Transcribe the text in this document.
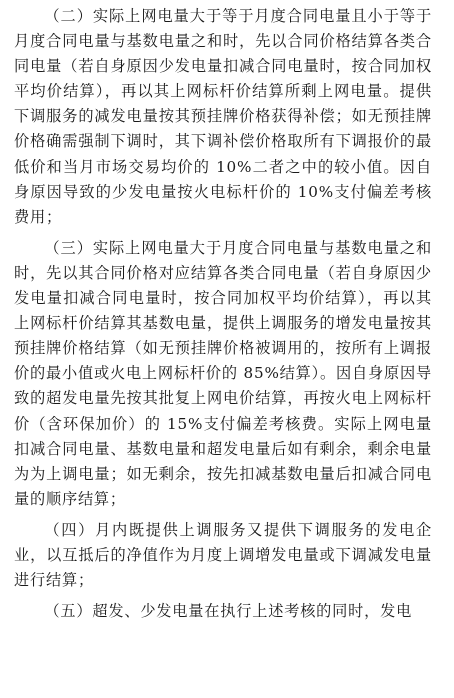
（二）实际上网电量大于等于月度合同电量且小于等于月度合同电量与基数电量之和时，先以合同价格结算各类合同电量（若自身原因少发电量扣减合同电量时，按合同加权平均价结算），再以其上网标杆价结算所剩上网电量。提供下调服务的减发电量按其预挂牌价格获得补偿；如无预挂牌价格确需强制下调时，其下调补偿价格取所有下调报价的最低价和当月市场交易均价的 10%二者之中的较小值。因自身原因导致的少发电量按火电标杆价的 10%支付偏差考核费用；

（三）实际上网电量大于月度合同电量与基数电量之和时，先以其合同价格对应结算各类合同电量（若自身原因少发电量扣减合同电量时，按合同加权平均价结算），再以其上网标杆价结算其基数电量，提供上调服务的增发电量按其预挂牌价格结算（如无预挂牌价格被调用的，按所有上调报价的最小值或火电上网标杆价的 85%结算）。因自身原因导致的超发电量先按其批复上网电价结算，再按火电上网标杆价（含环保加价）的 15%支付偏差考核费。实际上网电量扣减合同电量、基数电量和超发电量后如有剩余，剩余电量为为上调电量；如无剩余，按先扣减基数电量后扣减合同电量的顺序结算；

（四）月内既提供上调服务又提供下调服务的发电企业，以互抵后的净值作为月度上调增发电量或下调减发电量进行结算；

（五）超发、少发电量在执行上述考核的同时，发电
